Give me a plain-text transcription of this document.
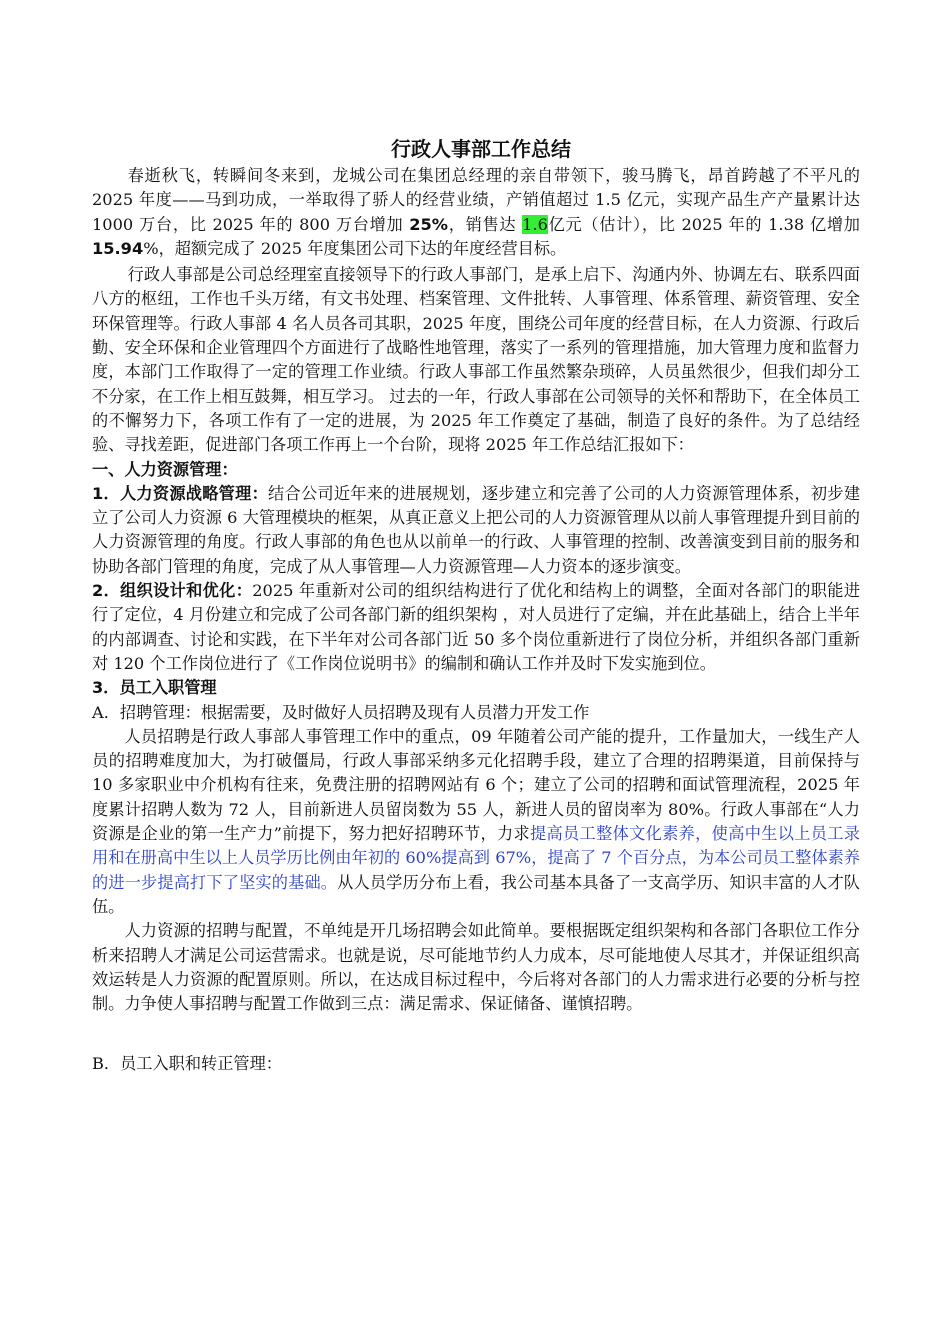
行政人事部工作总结

春逝秋飞，转瞬间冬来到，龙城公司在集团总经理的亲自带领下，骏马腾飞，昂首跨越了不平凡的 2025 年度——马到功成，一举取得了骄人的经营业绩，产销值超过 1.5 亿元，实现产品生产产量累计达 1000 万台，比 2025 年的 800 万台增加 25%，销售达 1.6亿元（估计），比 2025 年的 1.38 亿增加 15.94%，超额完成了 2025 年度集团公司下达的年度经营目标。

行政人事部是公司总经理室直接领导下的行政人事部门，是承上启下、沟通内外、协调左右、联系四面八方的枢纽，工作也千头万绪，有文书处理、档案管理、文件批转、人事管理、体系管理、薪资管理、安全环保管理等。行政人事部 4 名人员各司其职，2025 年度，围绕公司年度的经营目标，在人力资源、行政后勤、安全环保和企业管理四个方面进行了战略性地管理，落实了一系列的管理措施，加大管理力度和监督力度，本部门工作取得了一定的管理工作业绩。行政人事部工作虽然繁杂琐碎，人员虽然很少，但我们却分工不分家，在工作上相互鼓舞，相互学习。 过去的一年，行政人事部在公司领导的关怀和帮助下，在全体员工的不懈努力下，各项工作有了一定的进展，为 2025 年工作奠定了基础，制造了良好的条件。为了总结经验、寻找差距，促进部门各项工作再上一个台阶，现将 2025 年工作总结汇报如下：

一、人力资源管理：

1．人力资源战略管理：结合公司近年来的进展规划，逐步建立和完善了公司的人力资源管理体系，初步建立了公司人力资源 6 大管理模块的框架，从真正意义上把公司的人力资源管理从以前人事管理提升到目前的人力资源管理的角度。行政人事部的角色也从以前单一的行政、人事管理的控制、改善演变到目前的服务和协助各部门管理的角度，完成了从人事管理—人力资源管理—人力资本的逐步演变。

2．组织设计和优化：2025 年重新对公司的组织结构进行了优化和结构上的调整，全面对各部门的职能进行了定位，4 月份建立和完成了公司各部门新的组织架构 ，对人员进行了定编，并在此基础上，结合上半年的内部调查、讨论和实践，在下半年对公司各部门近 50 多个岗位重新进行了岗位分析，并组织各部门重新对 120 个工作岗位进行了《工作岗位说明书》的编制和确认工作并及时下发实施到位。

3．员工入职管理

A．招聘管理：根据需要，及时做好人员招聘及现有人员潜力开发工作

人员招聘是行政人事部人事管理工作中的重点，09 年随着公司产能的提升，工作量加大，一线生产人员的招聘难度加大，为打破僵局，行政人事部采纳多元化招聘手段，建立了合理的招聘渠道，目前保持与 10 多家职业中介机构有往来，免费注册的招聘网站有 6 个；建立了公司的招聘和面试管理流程，2025 年度累计招聘人数为 72 人，目前新进人员留岗数为 55 人，新进人员的留岗率为 80%。行政人事部在“人力资源是企业的第一生产力”前提下，努力把好招聘环节，力求提高员工整体文化素养，使高中生以上员工录用和在册高中生以上人员学历比例由年初的 60%提高到 67%，提高了 7 个百分点，为本公司员工整体素养的进一步提高打下了坚实的基础。从人员学历分布上看，我公司基本具备了一支高学历、知识丰富的人才队伍。

人力资源的招聘与配置，不单纯是开几场招聘会如此简单。要根据既定组织架构和各部门各职位工作分析来招聘人才满足公司运营需求。也就是说，尽可能地节约人力成本，尽可能地使人尽其才，并保证组织高效运转是人力资源的配置原则。所以，在达成目标过程中，今后将对各部门的人力需求进行必要的分析与控制。力争使人事招聘与配置工作做到三点：满足需求、保证储备、谨慎招聘。

B．员工入职和转正管理：
